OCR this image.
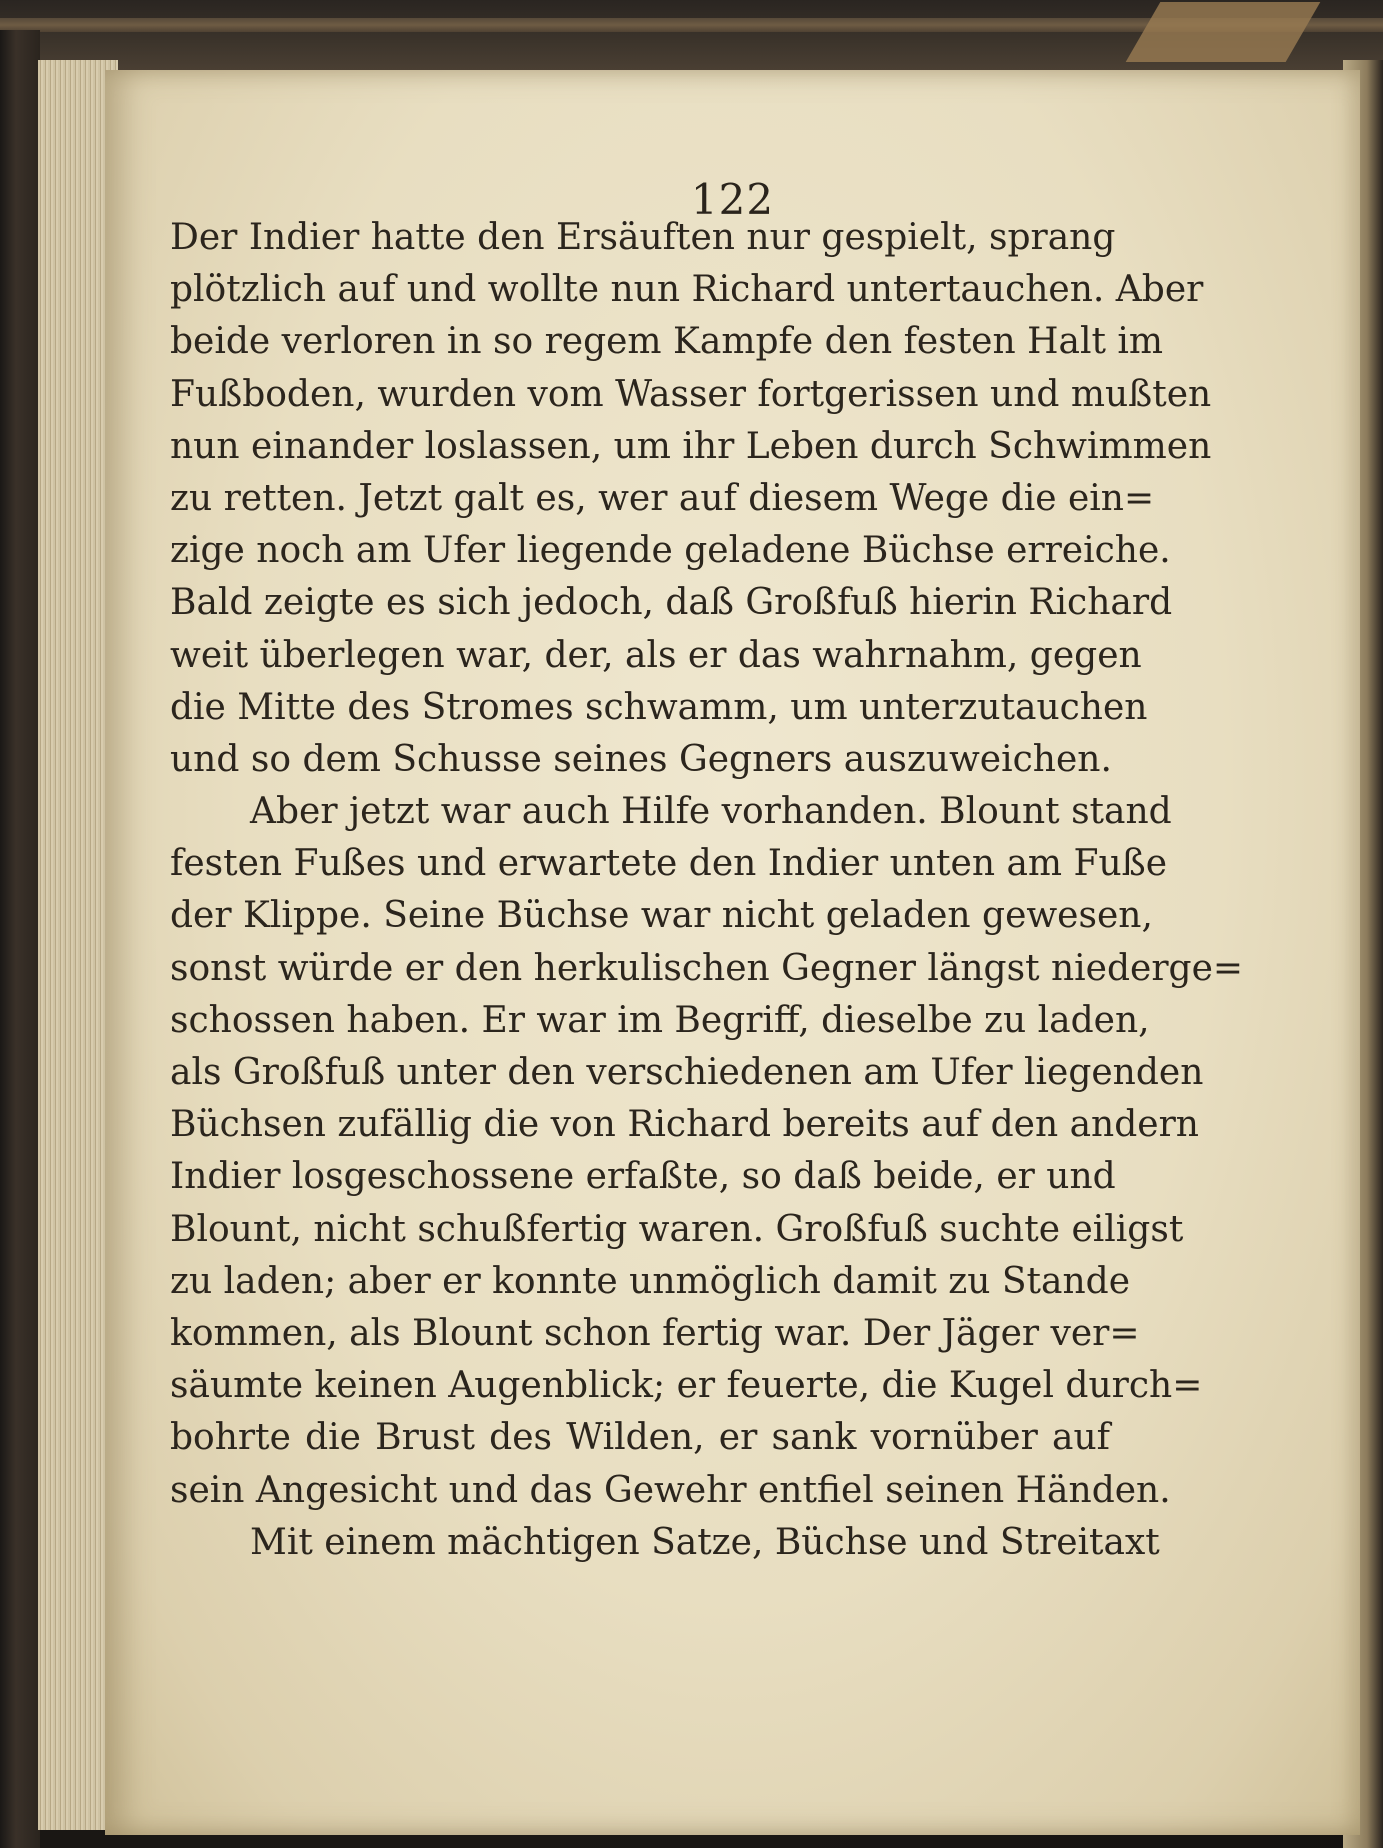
122
Der Indier hatte den Ersäuften nur gespielt, sprang
plötzlich auf und wollte nun Richard untertauchen. Aber
beide verloren in so regem Kampfe den festen Halt im
Fußboden, wurden vom Wasser fortgerissen und mußten
nun einander loslassen, um ihr Leben durch Schwimmen
zu retten. Jetzt galt es, wer auf diesem Wege die ein=
zige noch am Ufer liegende geladene Büchse erreiche.
Bald zeigte es sich jedoch, daß Großfuß hierin Richard
weit überlegen war, der, als er das wahrnahm, gegen
die Mitte des Stromes schwamm, um unterzutauchen
und so dem Schusse seines Gegners auszuweichen.
Aber jetzt war auch Hilfe vorhanden. Blount stand
festen Fußes und erwartete den Indier unten am Fuße
der Klippe. Seine Büchse war nicht geladen gewesen,
sonst würde er den herkulischen Gegner längst niederge=
schossen haben. Er war im Begriff, dieselbe zu laden,
als Großfuß unter den verschiedenen am Ufer liegenden
Büchsen zufällig die von Richard bereits auf den andern
Indier losgeschossene erfaßte, so daß beide, er und
Blount, nicht schußfertig waren. Großfuß suchte eiligst
zu laden; aber er konnte unmöglich damit zu Stande
kommen, als Blount schon fertig war. Der Jäger ver=
säumte keinen Augenblick; er feuerte, die Kugel durch=
bohrte die Brust des Wilden, er sank vornüber auf
sein Angesicht und das Gewehr entfiel seinen Händen.
Mit einem mächtigen Satze, Büchse und Streitaxt
